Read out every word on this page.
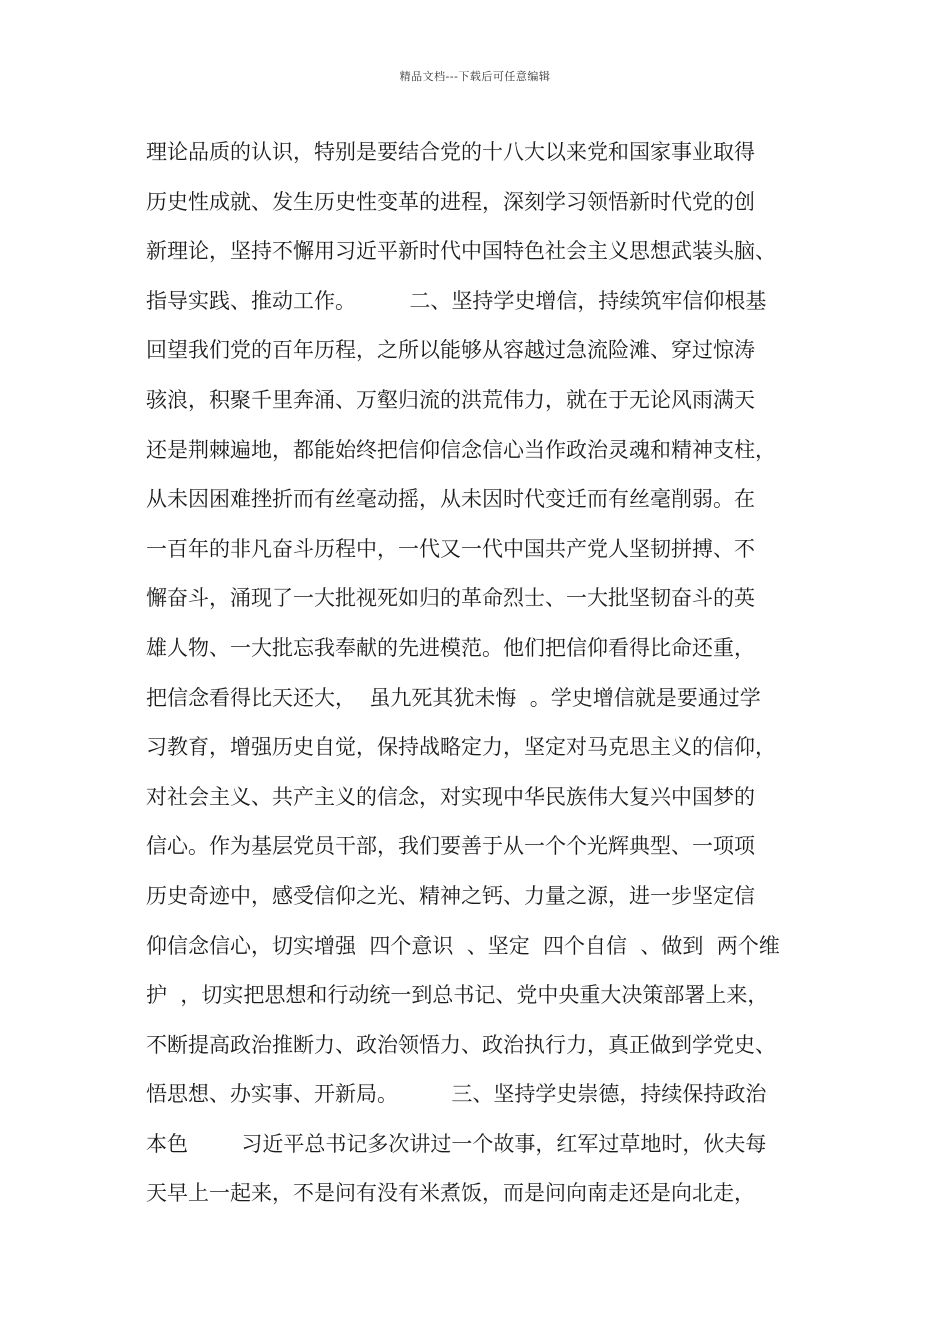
精品文档---下载后可任意编辑
理论品质的认识，特别是要结合党的十八大以来党和国家事业取得
历史性成就、发生历史性变革的进程，深刻学习领悟新时代党的创
新理论，坚持不懈用习近平新时代中国特色社会主义思想武装头脑、
指导实践、推动工作。        二、坚持学史增信，持续筑牢信仰根基
回望我们党的百年历程，之所以能够从容越过急流险滩、穿过惊涛
骇浪，积聚千里奔涌、万壑归流的洪荒伟力，就在于无论风雨满天
还是荆棘遍地，都能始终把信仰信念信心当作政治灵魂和精神支柱，
从未因困难挫折而有丝毫动摇，从未因时代变迁而有丝毫削弱。在
一百年的非凡奋斗历程中，一代又一代中国共产党人坚韧拼搏、不
懈奋斗，涌现了一大批视死如归的革命烈士、一大批坚韧奋斗的英
雄人物、一大批忘我奉献的先进模范。他们把信仰看得比命还重，
把信念看得比天还大，  虽九死其犹未悔  。学史增信就是要通过学
习教育，增强历史自觉，保持战略定力，坚定对马克思主义的信仰，
对社会主义、共产主义的信念，对实现中华民族伟大复兴中国梦的
信心。作为基层党员干部，我们要善于从一个个光辉典型、一项项
历史奇迹中，感受信仰之光、精神之钙、力量之源，进一步坚定信
仰信念信心，切实增强  四个意识  、坚定  四个自信  、做到  两个维
护  ，切实把思想和行动统一到总书记、党中央重大决策部署上来，
不断提高政治推断力、政治领悟力、政治执行力，真正做到学党史、
悟思想、办实事、开新局。        三、坚持学史崇德，持续保持政治
本色        习近平总书记多次讲过一个故事，红军过草地时，伙夫每
天早上一起来，不是问有没有米煮饭，而是问向南走还是向北走，
